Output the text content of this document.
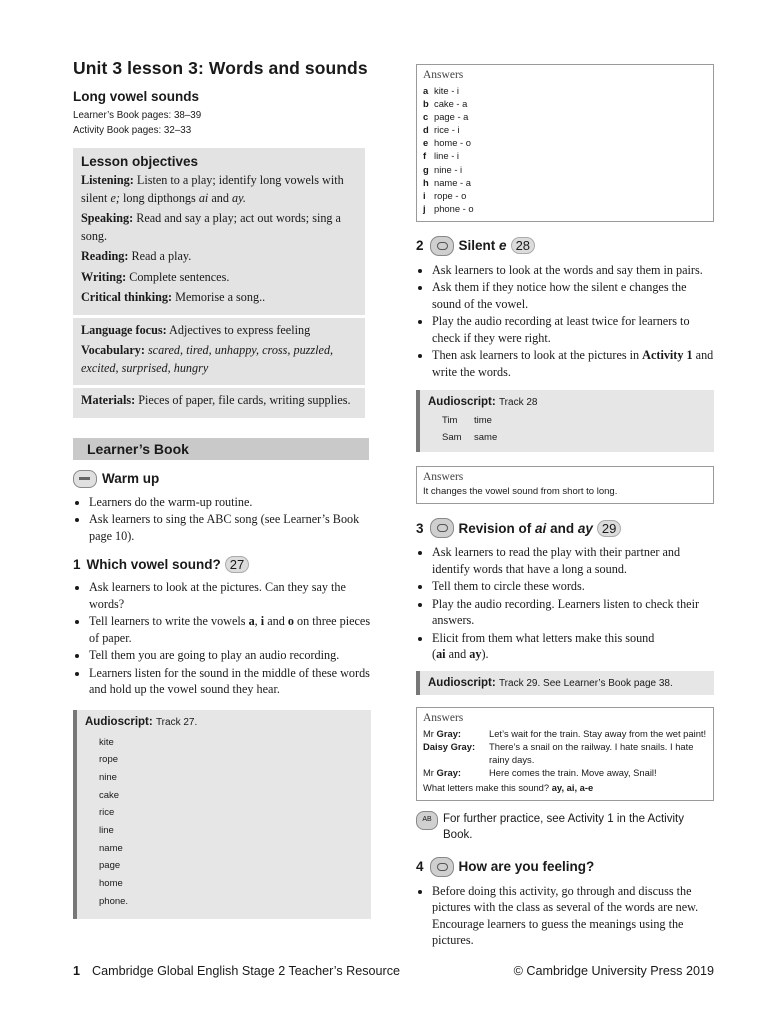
Unit 3 lesson 3: Words and sounds
Long vowel sounds
Learner’s Book pages: 38–39
Activity Book pages: 32–33
Lesson objectives
Listening: Listen to a play; identify long vowels with silent e; long dipthongs ai and ay.
Speaking: Read and say a play; act out words; sing a song.
Reading: Read a play.
Writing: Complete sentences.
Critical thinking: Memorise a song..
Language focus: Adjectives to express feeling
Vocabulary: scared, tired, unhappy, cross, puzzled, excited, surprised, hungry
Materials: Pieces of paper, file cards, writing supplies.
Learner’s Book
Warm up
• Learners do the warm-up routine.
• Ask learners to sing the ABC song (see Learner’s Book page 10).
1 Which vowel sound? 27
• Ask learners to look at the pictures. Can they say the words?
• Tell learners to write the vowels a, i and o on three pieces of paper.
• Tell them you are going to play an audio recording.
• Learners listen for the sound in the middle of these words and hold up the vowel sound they hear.
Audioscript: Track 27.
kite
rope
nine
cake
rice
line
name
page
home
phone.
Answers
a kite - i
b cake - a
c page - a
d rice - i
e home - o
f line - i
g nine - i
h name - a
i rope - o
j phone - o
2	Silent
e 28
• Ask learners to look at the words and say them in pairs.
• Ask them if they notice how the silent e changes the sound of the vowel.
• Play the audio recording at least twice for learners to check if they were right.
• Then ask learners to look at the pictures in Activity 1 and write the words.
Audioscript: Track 28
Tim	time
Sam	same
Answers
It changes the vowel sound from short to long.
3	Revision of
ai and ay 29
• Ask learners to read the play with their partner and identify words that have a long a sound.
• Tell them to circle these words.
• Play the audio recording. Learners listen to check their answers.
• Elicit from them what letters make this sound
(ai and ay).
Audioscript: Track 29. See Learner’s Book page 38.
Answers
Mr Gray:	Let’s wait for the train. Stay away from the wet paint!
Daisy Gray:	There’s a snail on the railway. I hate snails. I hate rainy days.
Mr Gray:	Here comes the train. Move away, Snail!
What letters make this sound? ay, ai, a-e
AB For further practice, see Activity 1 in the Activity Book.
4	How are you feeling?
• Before doing this activity, go through and discuss the pictures with the class as several of the words are new. Encourage learners to guess the meanings using the pictures.
1 Cambridge Global English Stage 2 Teacher’s Resource	© Cambridge University Press 2019
